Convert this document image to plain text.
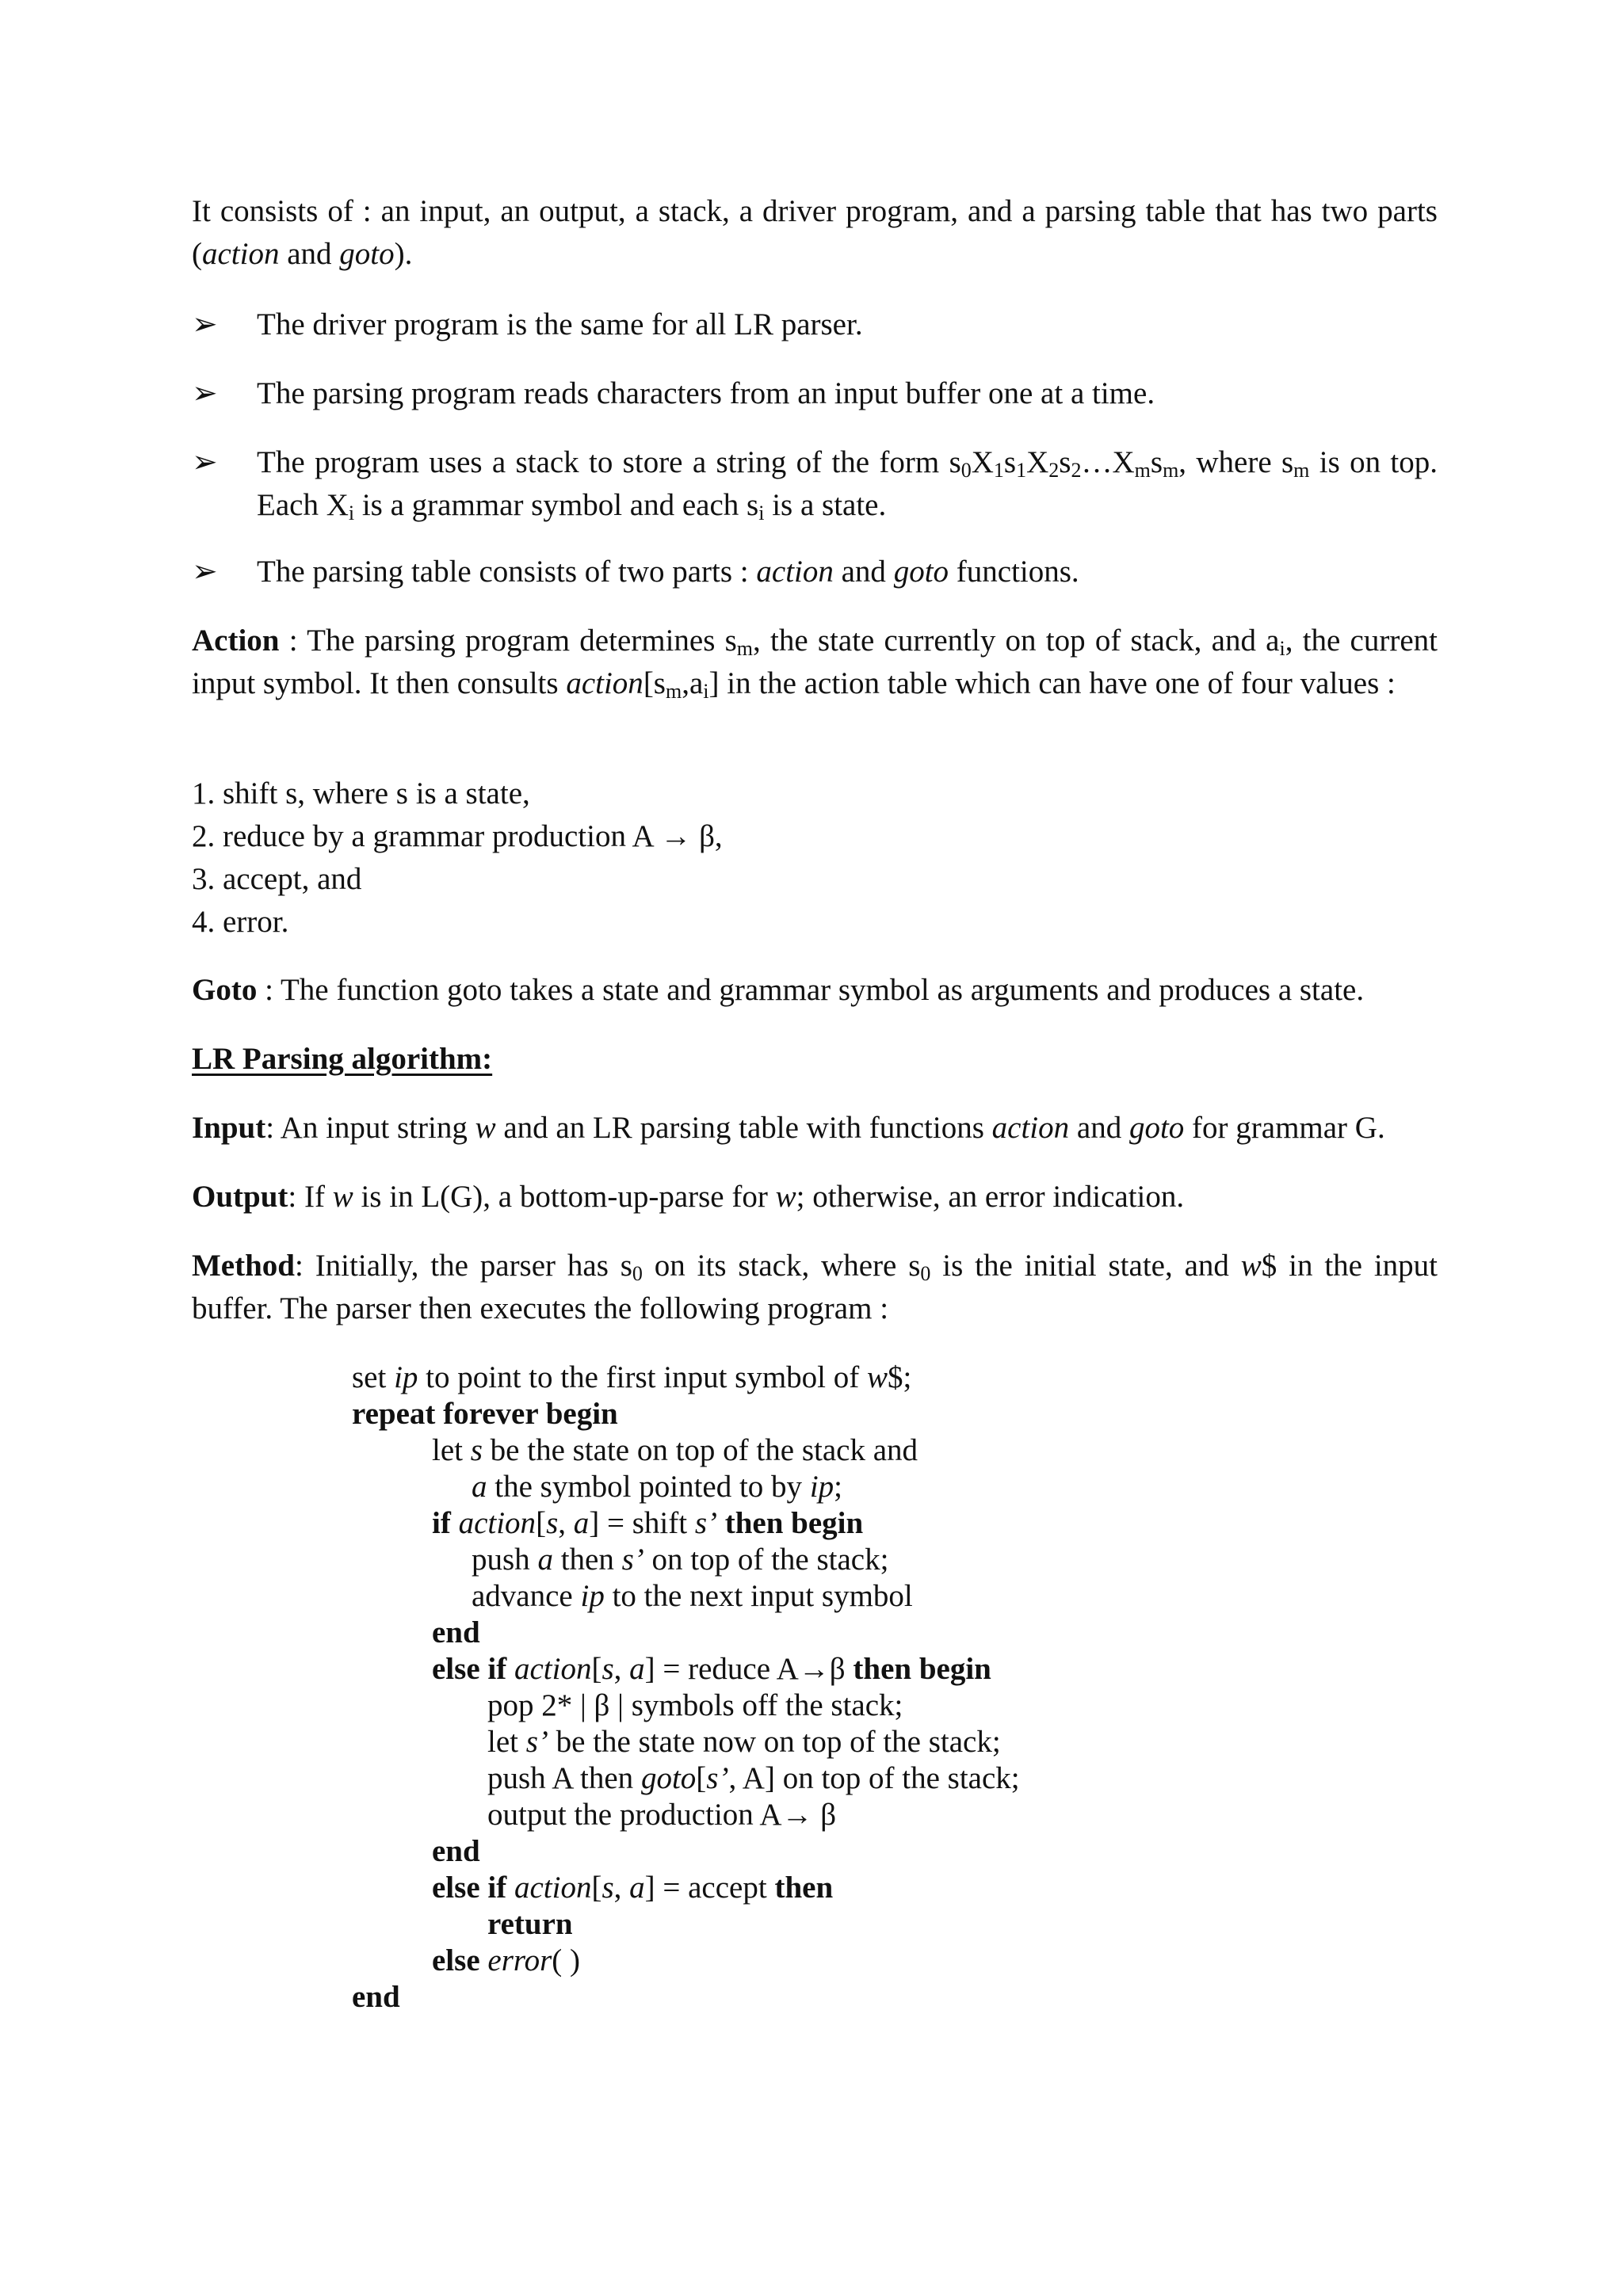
It consists of : an input, an output, a stack, a driver program, and a parsing table that has two parts (action and goto).

➢ The driver program is the same for all LR parser.
➢ The parsing program reads characters from an input buffer one at a time.
➢ The program uses a stack to store a string of the form $s_0X_1s_1X_2s_2\dots X_ms_m$, where $s_m$ is on top. Each $X_i$ is a grammar symbol and each $s_i$ is a state.
➢ The parsing table consists of two parts : action and goto functions.

Action : The parsing program determines $s_m$, the state currently on top of stack, and $a_i$, the current input symbol. It then consults $action[s_m,a_i]$ in the action table which can have one of four values :

1. shift s, where s is a state,
2. reduce by a grammar production A → β,
3. accept, and
4. error.

Goto : The function goto takes a state and grammar symbol as arguments and produces a state.

LR Parsing algorithm:

Input: An input string w and an LR parsing table with functions action and goto for grammar G.

Output: If w is in L(G), a bottom-up-parse for w; otherwise, an error indication.

Method: Initially, the parser has $s_0$ on its stack, where $s_0$ is the initial state, and w$ in the input buffer. The parser then executes the following program :

set ip to point to the first input symbol of w$;
repeat forever begin
let s be the state on top of the stack and
a the symbol pointed to by ip;
if action[s, a] = shift s’ then begin
push a then s’ on top of the stack;
advance ip to the next input symbol
end
else if action[s, a] = reduce A→β then begin
pop 2* | β | symbols off the stack;
let s’ be the state now on top of the stack;
push A then goto[s’, A] on top of the stack;
output the production A→ β
end
else if action[s, a] = accept then
return
else error( )
end
